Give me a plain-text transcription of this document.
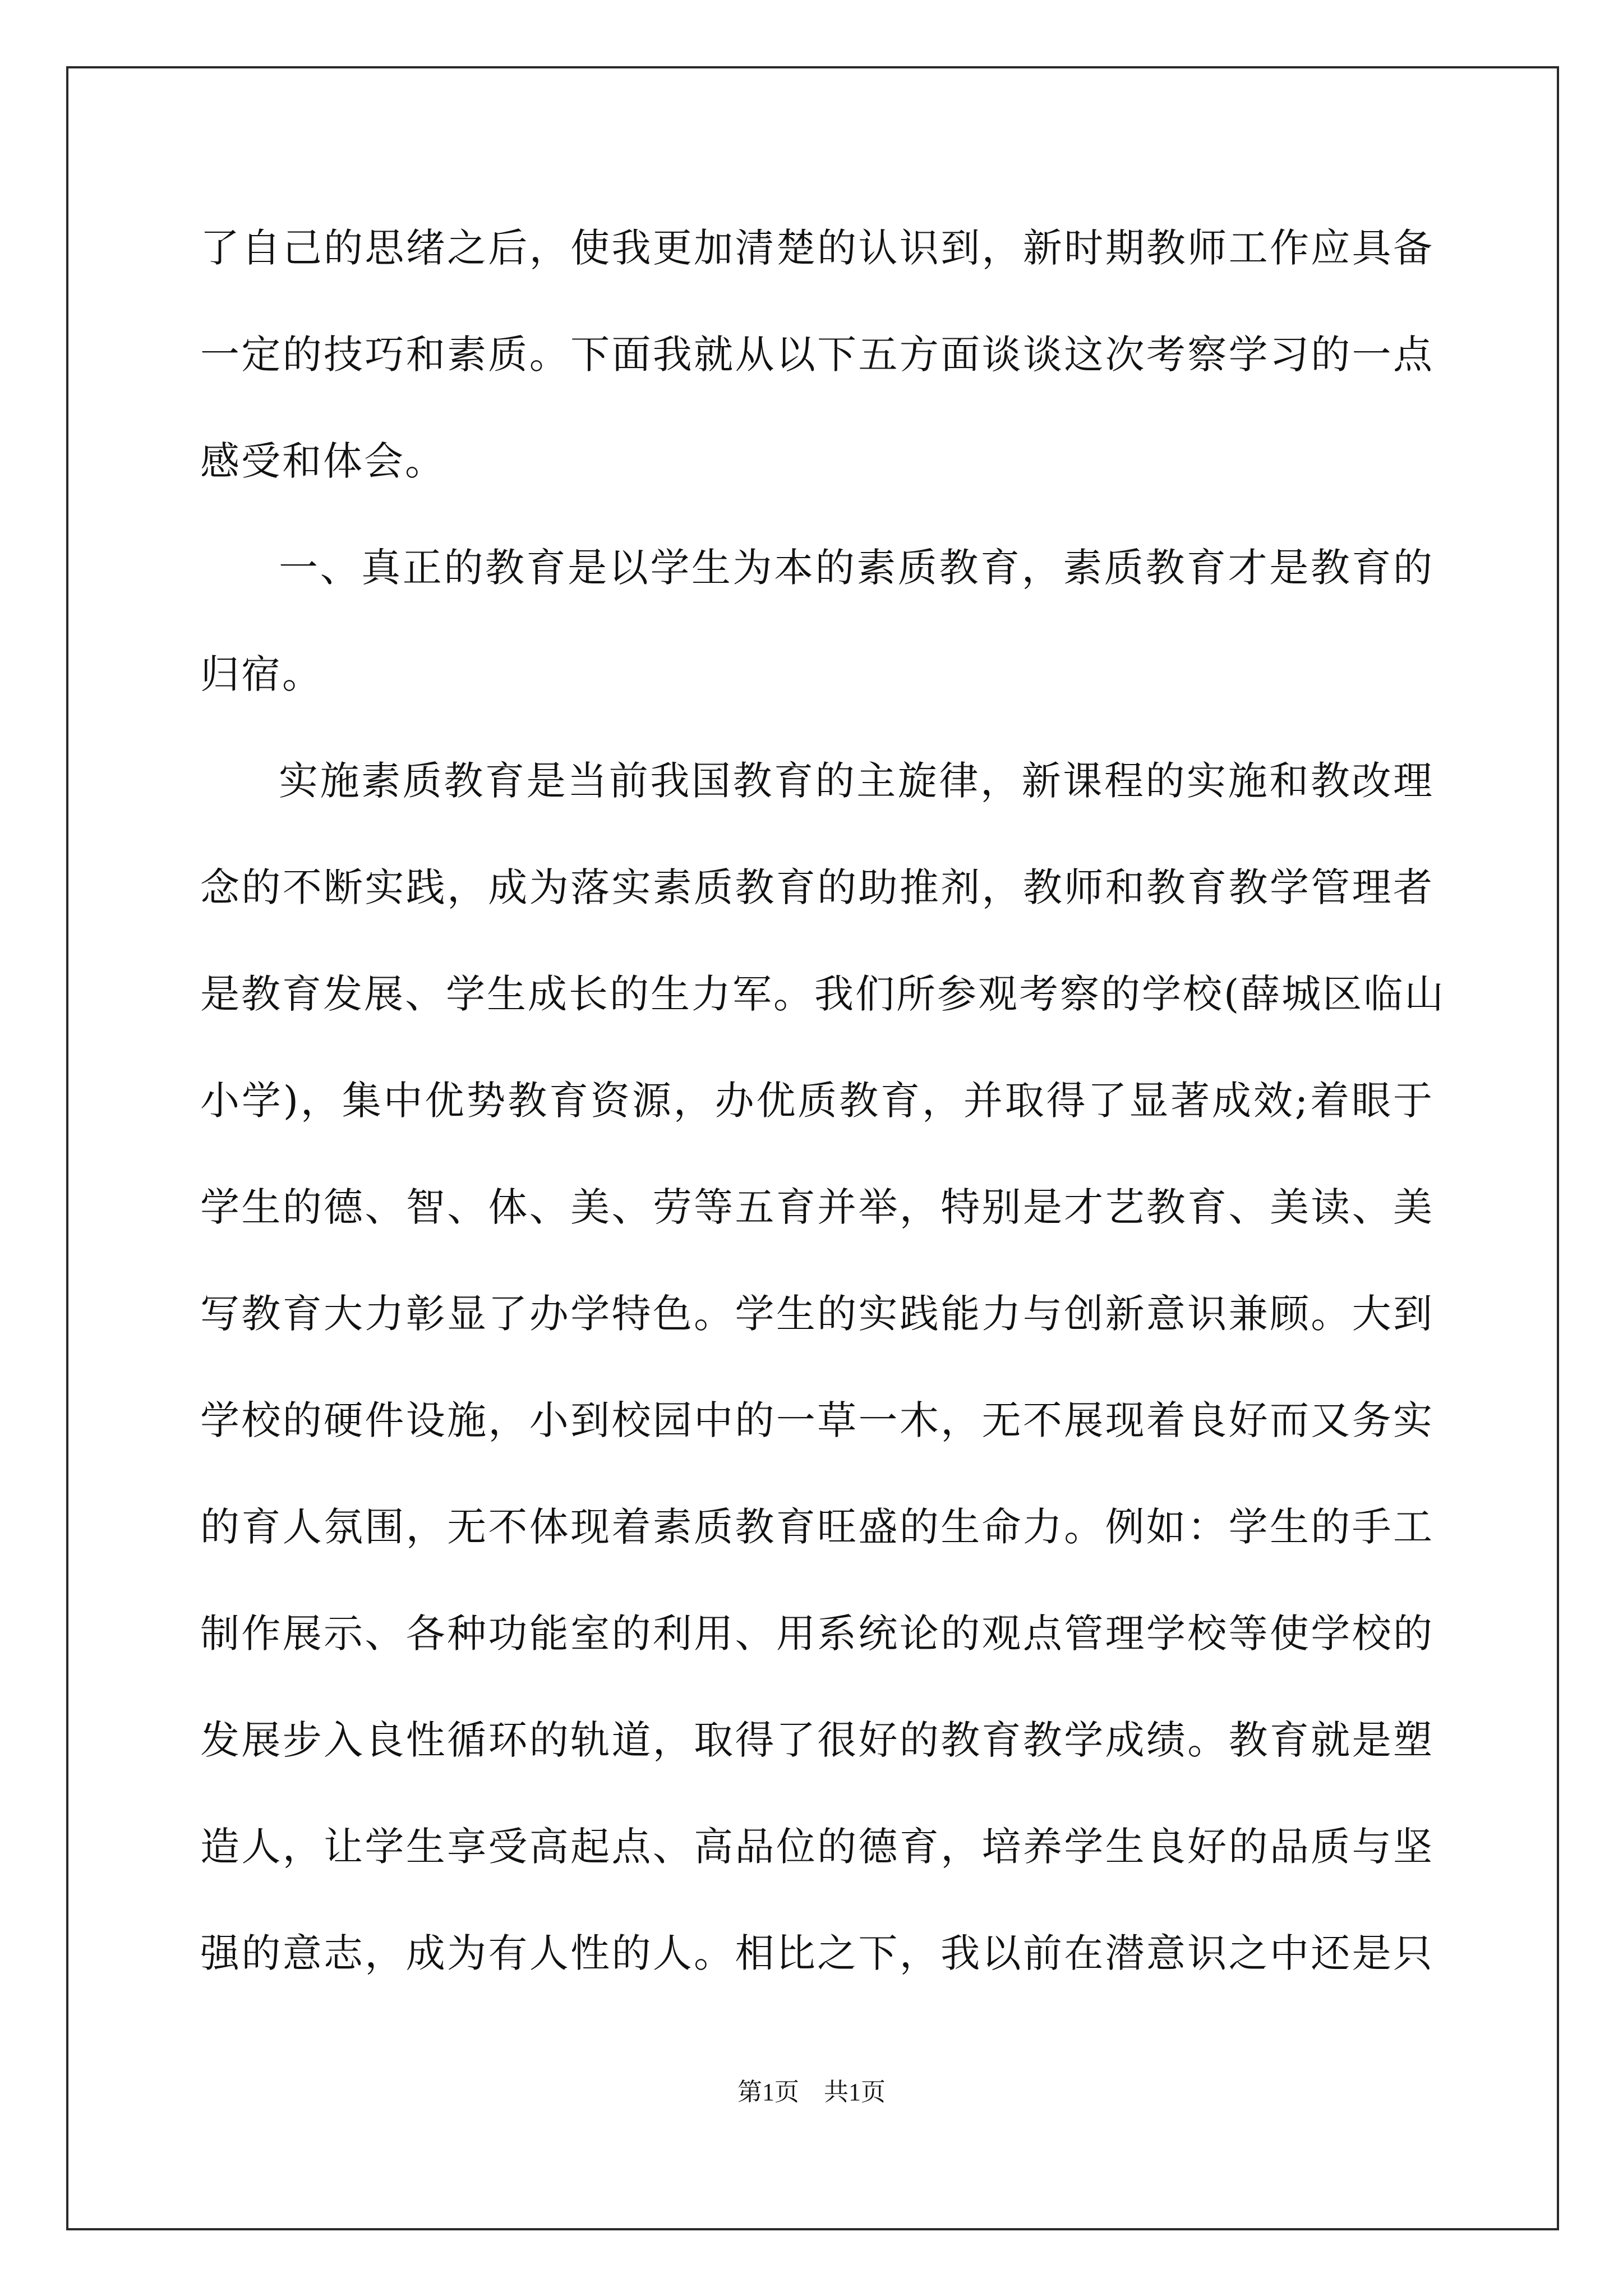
了自己的思绪之后，使我更加清楚的认识到，新时期教师工作应具备
一定的技巧和素质。下面我就从以下五方面谈谈这次考察学习的一点
感受和体会。
一、真正的教育是以学生为本的素质教育，素质教育才是教育的
归宿。
实施素质教育是当前我国教育的主旋律，新课程的实施和教改理
念的不断实践，成为落实素质教育的助推剂，教师和教育教学管理者
是教育发展、学生成长的生力军。我们所参观考察的学校(薛城区临山
小学)，集中优势教育资源，办优质教育，并取得了显著成效;着眼于
学生的德、智、体、美、劳等五育并举，特别是才艺教育、美读、美
写教育大力彰显了办学特色。学生的实践能力与创新意识兼顾。大到
学校的硬件设施，小到校园中的一草一木，无不展现着良好而又务实
的育人氛围，无不体现着素质教育旺盛的生命力。例如：学生的手工
制作展示、各种功能室的利用、用系统论的观点管理学校等使学校的
发展步入良性循环的轨道，取得了很好的教育教学成绩。教育就是塑
造人，让学生享受高起点、高品位的德育，培养学生良好的品质与坚
强的意志，成为有人性的人。相比之下，我以前在潜意识之中还是只
第1页　共1页
